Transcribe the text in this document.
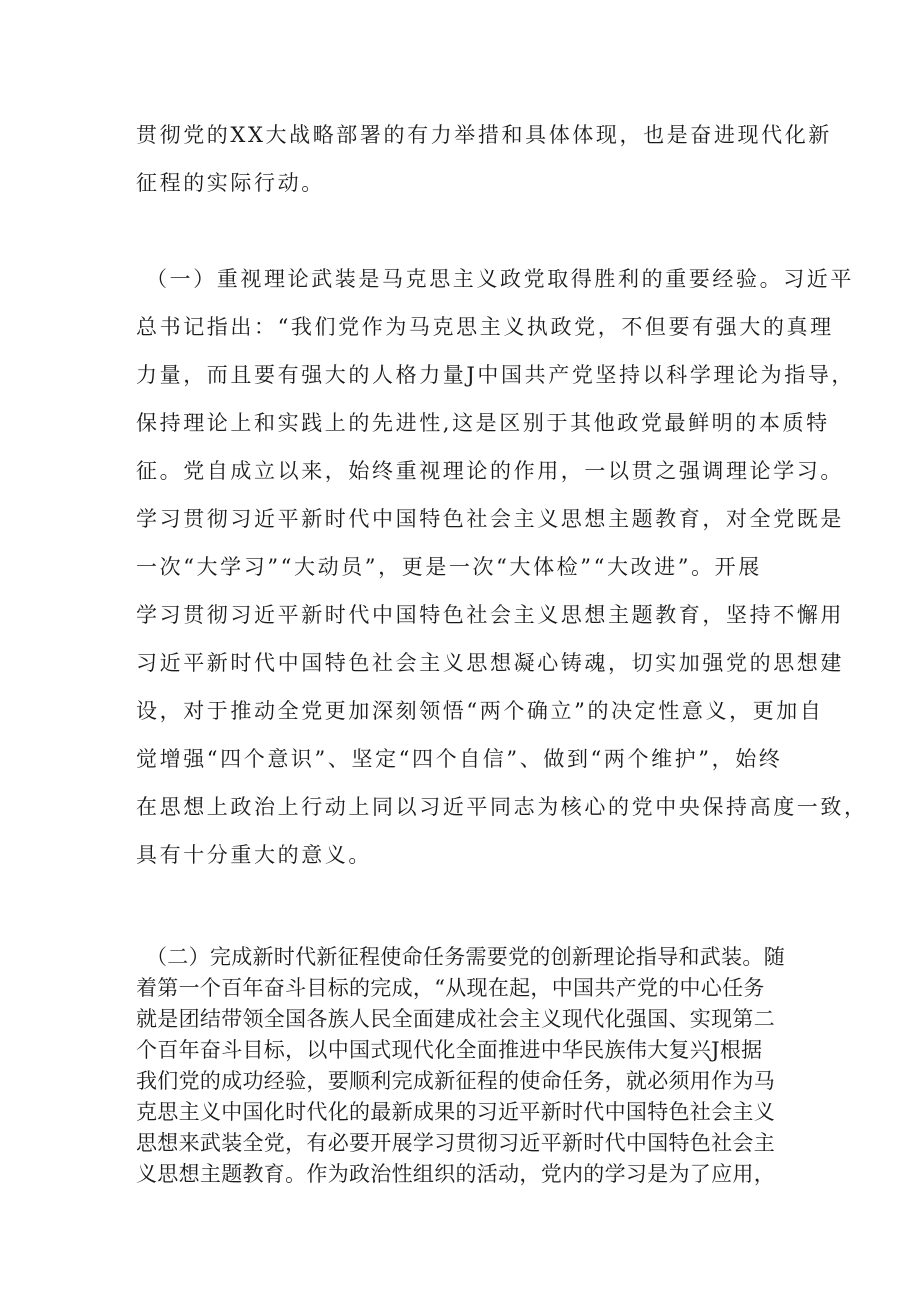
贯彻党的XX大战略部署的有力举措和具体体现，也是奋进现代化新

征程的实际行动。

（一）重视理论武装是马克思主义政党取得胜利的重要经验。习近平

总书记指出：“我们党作为马克思主义执政党，不但要有强大的真理

力量，而且要有强大的人格力量J中国共产党坚持以科学理论为指导，

保持理论上和实践上的先进性,这是区别于其他政党最鲜明的本质特

征。党自成立以来，始终重视理论的作用，一以贯之强调理论学习。

学习贯彻习近平新时代中国特色社会主义思想主题教育，对全党既是

一次“大学习”“大动员”，更是一次“大体检”“大改进”。开展

学习贯彻习近平新时代中国特色社会主义思想主题教育，坚持不懈用

习近平新时代中国特色社会主义思想凝心铸魂，切实加强党的思想建

设，对于推动全党更加深刻领悟“两个确立”的决定性意义，更加自

觉增强“四个意识”、坚定“四个自信”、做到“两个维护”，始终

在思想上政治上行动上同以习近平同志为核心的党中央保持高度一致，

具有十分重大的意义。

（二）完成新时代新征程使命任务需要党的创新理论指导和武装。随

着第一个百年奋斗目标的完成，“从现在起，中国共产党的中心任务

就是团结带领全国各族人民全面建成社会主义现代化强国、实现第二

个百年奋斗目标，以中国式现代化全面推进中华民族伟大复兴J根据

我们党的成功经验，要顺利完成新征程的使命任务，就必须用作为马

克思主义中国化时代化的最新成果的习近平新时代中国特色社会主义

思想来武装全党，有必要开展学习贯彻习近平新时代中国特色社会主

义思想主题教育。作为政治性组织的活动，党内的学习是为了应用，
